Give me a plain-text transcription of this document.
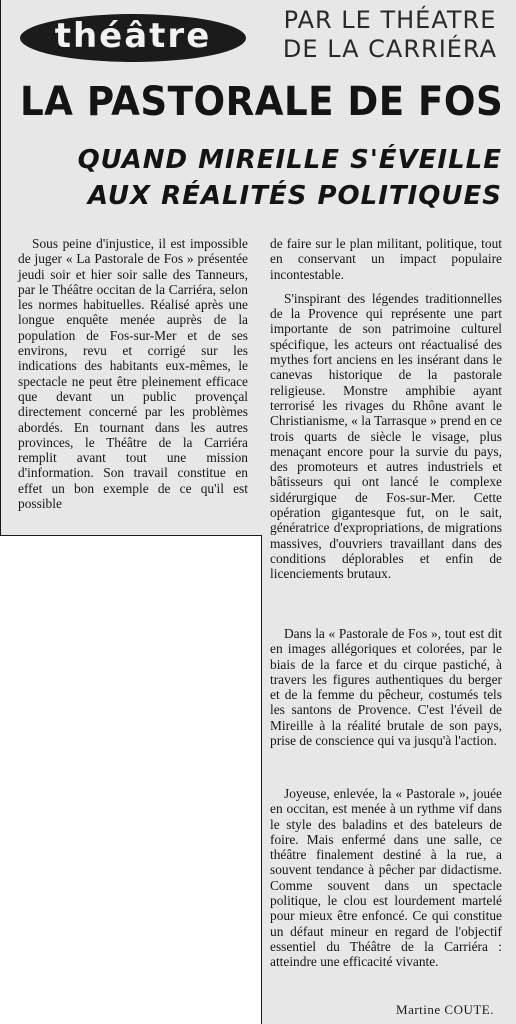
théâtre	PAR LE THÉATRE
DE LA CARRIÉRA
LA PASTORALE DE FOS
QUAND MIREILLE S'ÉVEILLE
AUX RÉALITÉS POLITIQUES

Sous peine d'injustice, il est impossible de juger « La Pastorale de Fos » présentée jeudi soir et hier soir salle des Tanneurs, par le Théâtre occitan de la Carriéra, selon les normes habituelles. Réalisé après une longue enquête menée auprès de la population de Fos-sur-Mer et de ses environs, revu et corrigé sur les indications des habitants eux-mêmes, le spectacle ne peut être pleinement efficace que devant un public provençal directement concerné par les problèmes abordés. En tournant dans les autres provinces, le Théâtre de la Carriéra remplit avant tout une mission d'information. Son travail constitue en effet un bon exemple de ce qu'il est possible

de faire sur le plan militant, politique, tout en conservant un impact populaire incontestable.

S'inspirant des légendes traditionnelles de la Provence qui représente une part importante de son patrimoine culturel spécifique, les acteurs ont réactualisé des mythes fort anciens en les insérant dans le canevas historique de la pastorale religieuse. Monstre amphibie ayant terrorisé les rivages du Rhône avant le Christianisme, « la Tarrasque » prend en ce trois quarts de siècle le visage, plus menaçant encore pour la survie du pays, des promoteurs et autres industriels et bâtisseurs qui ont lancé le complexe sidérurgique de Fos-sur-Mer. Cette opération gigantesque fut, on le sait, génératrice d'expropriations, de migrations massives, d'ouvriers travaillant dans des conditions déplorables et enfin de licenciements brutaux.

Dans la « Pastorale de Fos », tout est dit en images allégoriques et colorées, par le biais de la farce et du cirque pastiché, à travers les figures authentiques du berger et de la femme du pêcheur, costumés tels les santons de Provence. C'est l'éveil de Mireille à la réalité brutale de son pays, prise de conscience qui va jusqu'à l'action.

Joyeuse, enlevée, la « Pastorale », jouée en occitan, est menée à un rythme vif dans le style des baladins et des bateleurs de foire. Mais enfermé dans une salle, ce théâtre finalement destiné à la rue, a souvent tendance à pêcher par didactisme. Comme souvent dans un spectacle politique, le clou est lourdement martelé pour mieux être enfoncé. Ce qui constitue un défaut mineur en regard de l'objectif essentiel du Théâtre de la Carriéra : atteindre une efficacité vivante.

Martine COUTE.
